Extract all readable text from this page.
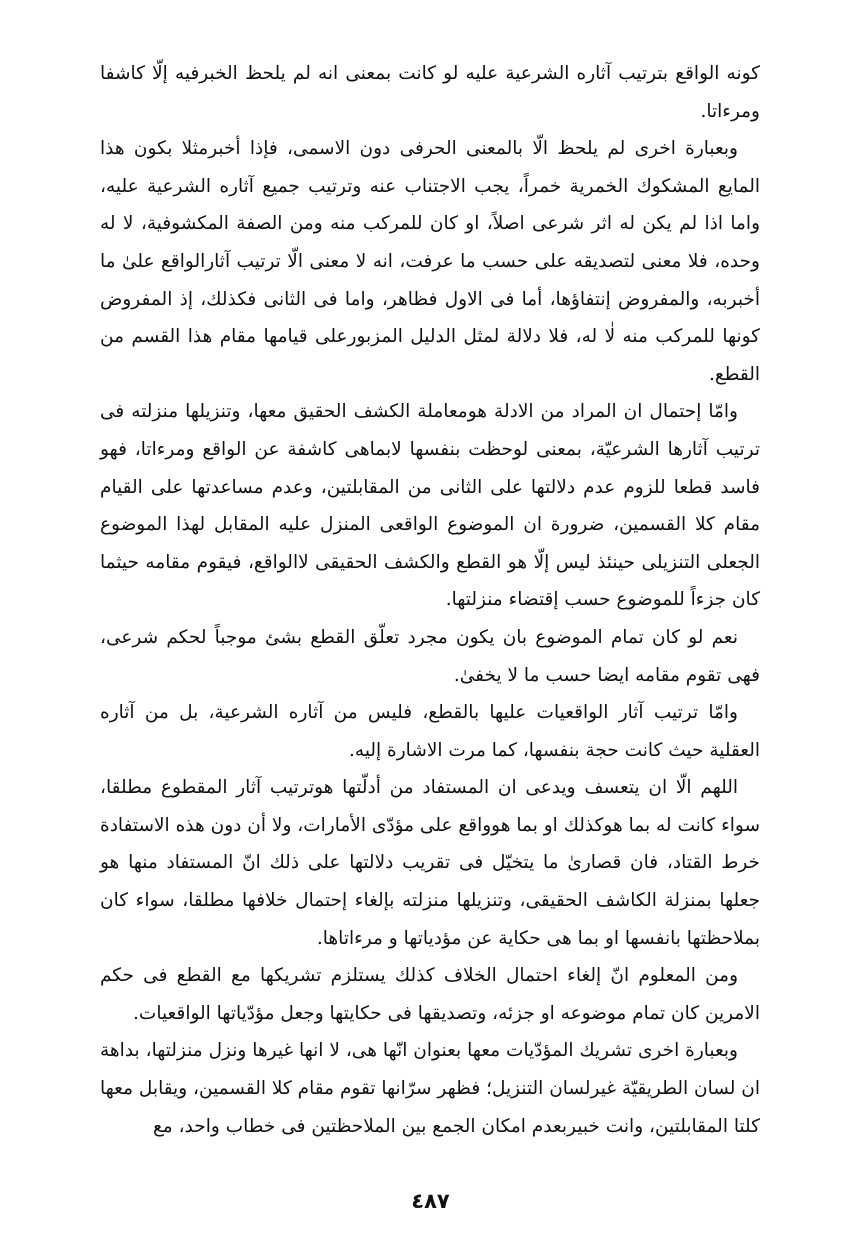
كونه الواقع بترتيب آثاره الشرعية عليه لو كانت بمعنى انه لم يلحظ الخبرفيه إلّا كاشفا ومرءاتا.

وبعبارة اخرى لم يلحظ الّا بالمعنى الحرفى دون الاسمى، فإذا أخبرمثلا بكون هذا المايع المشكوك الخمرية خمراً، يجب الاجتناب عنه وترتيب جميع آثاره الشرعية عليه، واما اذا لم يكن له اثر شرعى اصلاً، او كان للمركب منه ومن الصفة المكشوفية، لا له وحده، فلا معنى لتصديقه على حسب ما عرفت، انه لا معنى الّا ترتيب آثارالواقع علىٰ ما أخبربه، والمفروض إنتفاؤها، أما فى الاول فظاهر، واما فى الثانى فكذلك، إذ المفروض كونها للمركب منه لٰا له، فلا دلالة لمثل الدليل المزبورعلى قيامها مقام هذا القسم من القطع.

وامّا إحتمال ان المراد من الادلة هومعاملة الكشف الحقيق معها، وتنزيلها منزلته فى ترتيب آثارها الشرعيّة، بمعنى لوحظت بنفسها لابماهى كاشفة عن الواقع ومرءاتا، فهو فاسد قطعا للزوم عدم دلالتها على الثانى من المقابلتين، وعدم مساعدتها على القيام مقام كلا القسمين، ضرورة ان الموضوع الواقعى المنزل عليه المقابل لهذا الموضوع الجعلى التنزيلى حينئذ ليس إلّا هو القطع والكشف الحقيقى لاالواقع، فيقوم مقامه حيثما كان جزءاً للموضوع حسب إقتضاء منزلتها.

نعم لو كان تمام الموضوع بان يكون مجرد تعلّق القطع بشئ موجباً لحكم شرعى، فهى تقوم مقامه ايضا حسب ما لا يخفىٰ.

وامّا ترتيب آثار الواقعيات عليها بالقطع، فليس من آثاره الشرعية، بل من آثاره العقلية حيث كانت حجة بنفسها، كما مرت الاشارة إليه.

اللهم الّا ان يتعسف ويدعى ان المستفاد من أدلّتها هوترتيب آثار المقطوع مطلقا، سواء كانت له بما هوكذلك او بما هوواقع على مؤدّى الأمارات، ولا أن دون هذه الاستفادة خرط القتاد، فان قصارىٰ ما يتخيّل فى تقريب دلالتها على ذلك انّ المستفاد منها هو جعلها بمنزلة الكاشف الحقيقى، وتنزيلها منزلته بإلغاء إحتمال خلافها مطلقا، سواء كان بملاحظتها بانفسها او بما هى حكاية عن مؤدياتها و مرءاتاها.

ومن المعلوم انّ إلغاء احتمال الخلاف كذلك يستلزم تشريكها مع القطع فى حكم الامرين كان تمام موضوعه او جزئه، وتصديقها فى حكايتها وجعل مؤدّياتها الواقعيات.

وبعبارة اخرى تشريك المؤدّيات معها بعنوان انّها هى، لا انها غيرها ونزل منزلتها، بداهة ان لسان الطريقيّة غيرلسان التنزيل؛ فظهر سرّانها تقوم مقام كلا القسمين، ويقابل معها كلتا المقابلتين، وانت خبيربعدم امكان الجمع بين الملاحظتين فى خطاب واحد، مع

٤٨٧
